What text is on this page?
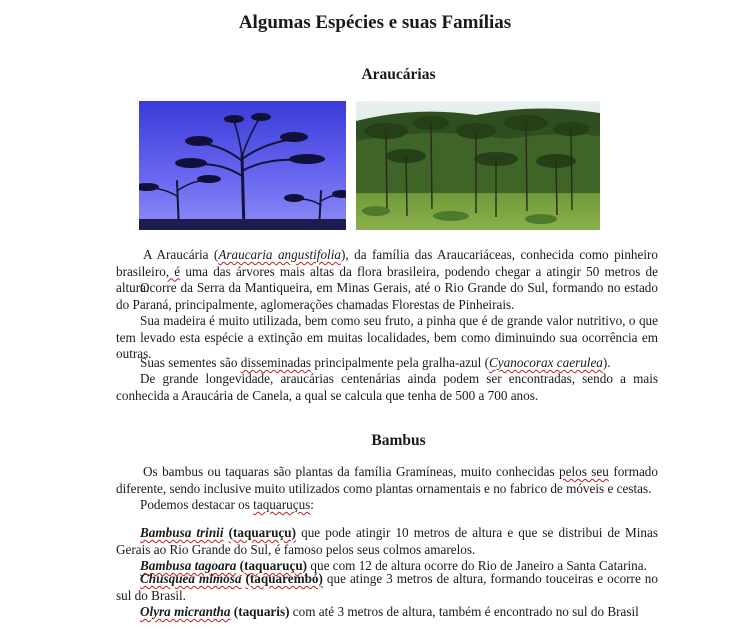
Algumas Espécies e suas Famílias
Araucárias

A Araucária (Araucaria angustifolia), da família das Araucariáceas, conhecida como pinheiro brasileiro, é uma das árvores mais altas da flora brasileira, podendo chegar a atingir 50 metros de altura.

Ocorre da Serra da Mantiqueira, em Minas Gerais, até o Rio Grande do Sul, formando no estado do Paraná, principalmente, aglomerações chamadas Florestas de Pinheirais.

Sua madeira é muito utilizada, bem como seu fruto, a pinha que é de grande valor nutritivo, o que tem levado esta espécie a extinção em muitas localidades, bem como diminuindo sua ocorrência em outras.

Suas sementes são disseminadas principalmente pela gralha-azul (Cyanocorax caerulea).

De grande longevidade, araucárias centenárias ainda podem ser encontradas, sendo a mais conhecida a Araucária de Canela, a qual se calcula que tenha de 500 a 700 anos.

Bambus

Os bambus ou taquaras são plantas da família Gramíneas, muito conhecidas pelos seu formado diferente, sendo inclusive muito utilizados como plantas ornamentais e no fabrico de móveis e cestas.

Podemos destacar os taquaruçus:

Bambusa trinii (taquaruçu) que pode atingir 10 metros de altura e que se distribui de Minas Gerais ao Rio Grande do Sul, é famoso pelos seus colmos amarelos.

Bambusa tagoara (taquaruçu) que com 12 de altura ocorre do Rio de Janeiro a Santa Catarina.

Chusquea mimosa (taquarembó) que atinge 3 metros de altura, formando touceiras e ocorre no sul do Brasil.

Olyra micrantha (taquaris) com até 3 metros de altura, também é encontrado no sul do Brasil
